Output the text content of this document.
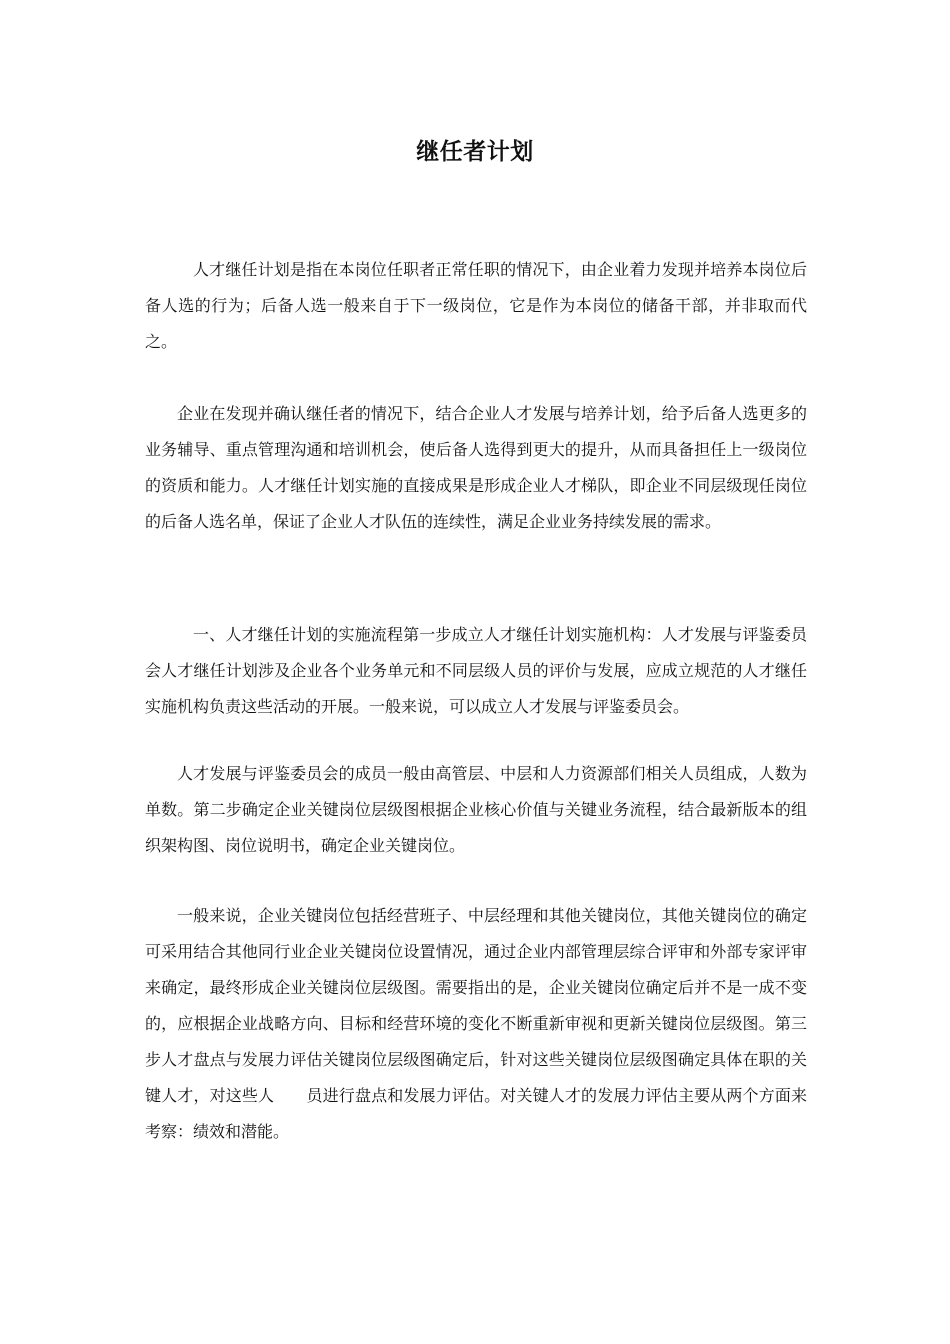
继任者计划

人才继任计划是指在本岗位任职者正常任职的情况下，由企业着力发现并培养本岗位后备人选的行为；后备人选一般来自于下一级岗位，它是作为本岗位的储备干部，并非取而代之。

企业在发现并确认继任者的情况下，结合企业人才发展与培养计划，给予后备人选更多的业务辅导、重点管理沟通和培训机会，使后备人选得到更大的提升，从而具备担任上一级岗位的资质和能力。人才继任计划实施的直接成果是形成企业人才梯队，即企业不同层级现任岗位的后备人选名单，保证了企业人才队伍的连续性，满足企业业务持续发展的需求。

一、人才继任计划的实施流程第一步成立人才继任计划实施机构：人才发展与评鉴委员会人才继任计划涉及企业各个业务单元和不同层级人员的评价与发展，应成立规范的人才继任实施机构负责这些活动的开展。一般来说，可以成立人才发展与评鉴委员会。

人才发展与评鉴委员会的成员一般由高管层、中层和人力资源部们相关人员组成，人数为单数。第二步确定企业关键岗位层级图根据企业核心价值与关键业务流程，结合最新版本的组织架构图、岗位说明书，确定企业关键岗位。

一般来说，企业关键岗位包括经营班子、中层经理和其他关键岗位，其他关键岗位的确定可采用结合其他同行业企业关键岗位设置情况，通过企业内部管理层综合评审和外部专家评审来确定，最终形成企业关键岗位层级图。需要指出的是，企业关键岗位确定后并不是一成不变的，应根据企业战略方向、目标和经营环境的变化不断重新审视和更新关键岗位层级图。第三步人才盘点与发展力评估关键岗位层级图确定后，针对这些关键岗位层级图确定具体在职的关键人才，对这些人　　员进行盘点和发展力评估。对关键人才的发展力评估主要从两个方面来考察：绩效和潜能。
